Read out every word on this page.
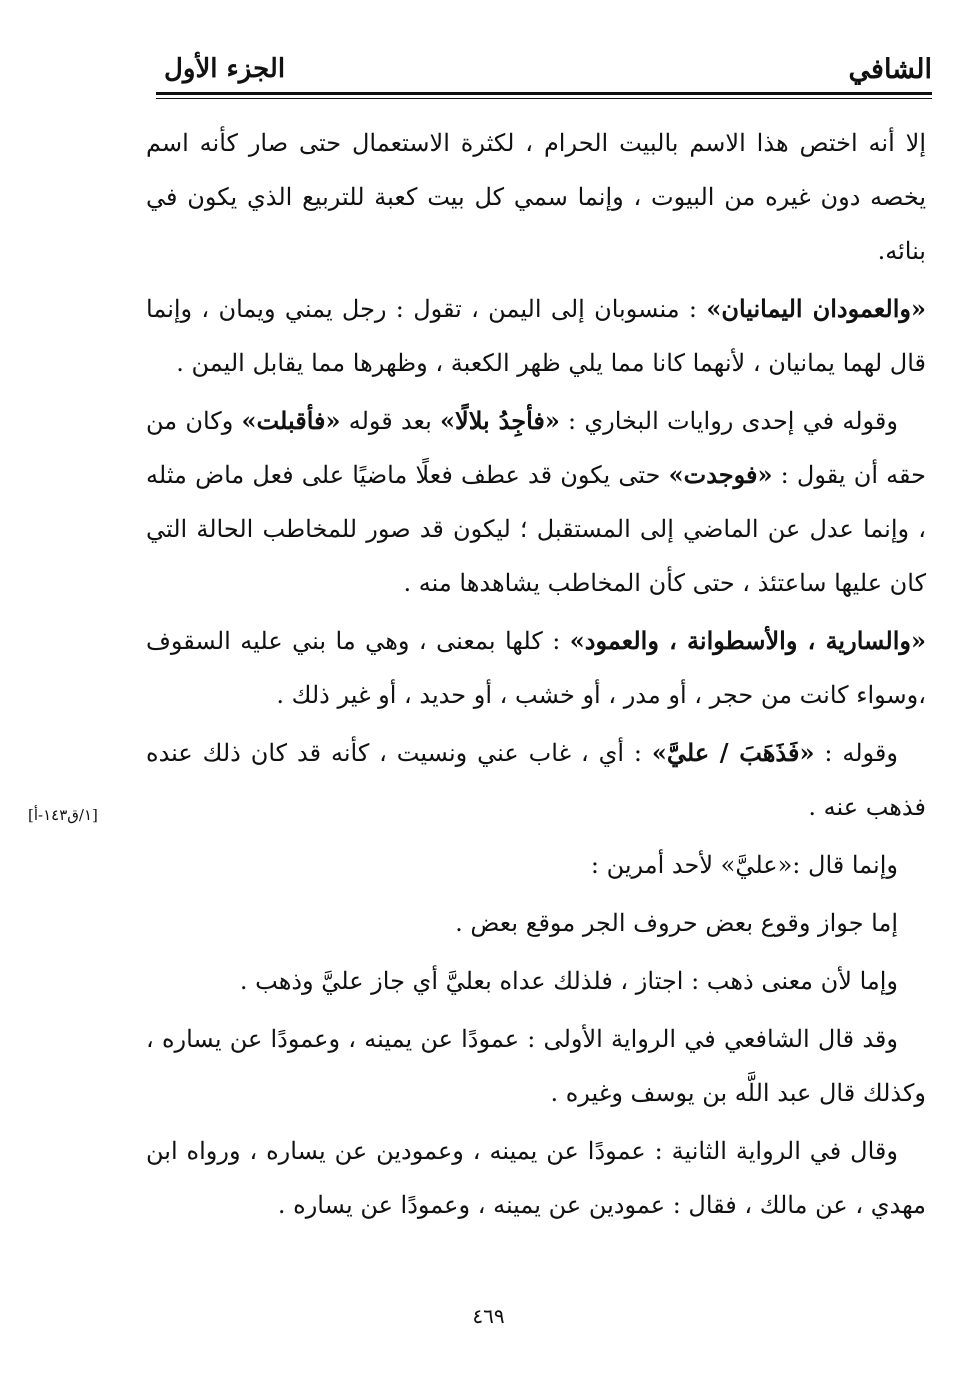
الشافي
الجزء الأول

إلا أنه اختص هذا الاسم بالبيت الحرام ، لكثرة الاستعمال حتى صار كأنه اسم يخصه دون غيره من البيوت ، وإنما سمي كل بيت كعبة للتربيع الذي يكون في بنائه.

«والعمودان اليمانيان» : منسوبان إلى اليمن ، تقول : رجل يمني ويمان ، وإنما قال لهما يمانيان ، لأنهما كانا مما يلي ظهر الكعبة ، وظهرها مما يقابل اليمن .

وقوله في إحدى روايات البخاري : «فأجِدُ بلالًا» بعد قوله «فأقبلت» وكان من حقه أن يقول : «فوجدت» حتى يكون قد عطف فعلًا ماضيًا على فعل ماض مثله ، وإنما عدل عن الماضي إلى المستقبل ؛ ليكون قد صور للمخاطب الحالة التي كان عليها ساعتئذ ، حتى كأن المخاطب يشاهدها منه .

«والسارية ، والأسطوانة ، والعمود» : كلها بمعنى ، وهي ما بني عليه السقوف ،وسواء كانت من حجر ، أو مدر ، أو خشب ، أو حديد ، أو غير ذلك .

وقوله : «فَذَهَبَ / عليَّ» : أي ، غاب عني ونسيت ، كأنه قد كان ذلك عنده فذهب عنه .

وإنما قال :«عليَّ» لأحد أمرين :

إما جواز وقوع بعض حروف الجر موقع بعض .

وإما لأن معنى ذهب : اجتاز ، فلذلك عداه بعليَّ أي جاز عليَّ وذهب .

وقد قال الشافعي في الرواية الأولى : عمودًا عن يمينه ، وعمودًا عن يساره ، وكذلك قال عبد اللَّه بن يوسف وغيره .

وقال في الرواية الثانية : عمودًا عن يمينه ، وعمودين عن يساره ، ورواه ابن مهدي ، عن مالك ، فقال : عمودين عن يمينه ، وعمودًا عن يساره .

[١/ق١٤٣-أ]
٤٦٩
